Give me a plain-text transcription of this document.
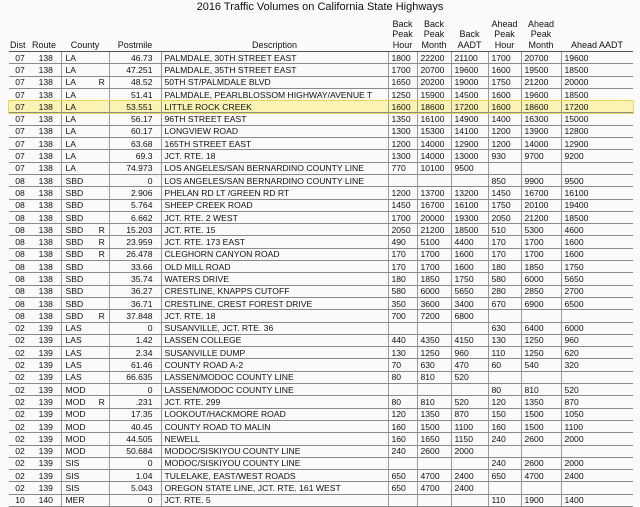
2016 Traffic Volumes on California State Highways
Dist	Route	County		Postmile	Description	Back Peak Hour	Back Peak Month	Back AADT	Ahead Peak Hour	Ahead Peak Month	Ahead AADT
07	138	LA		46.73	PALMDALE, 30TH STREET EAST	1800	22200	21100	1700	20700	19600
07	138	LA		47.251	PALMDALE, 35TH STREET EAST	1700	20700	19600	1600	19500	18500
07	138	LA	R	48.52	50TH ST/PALMDALE BLVD	1650	20200	19000	1750	21200	20000
07	138	LA		51.41	PALMDALE, PEARLBLOSSOM HIGHWAY/AVENUE T	1250	15900	14500	1600	19600	18500
07	138	LA		53.551	LITTLE ROCK CREEK	1600	18600	17200	1600	18600	17200
07	138	LA		56.17	96TH STREET EAST	1350	16100	14900	1400	16300	15000
07	138	LA		60.17	LONGVIEW ROAD	1300	15300	14100	1200	13900	12800
07	138	LA		63.68	165TH STREET EAST	1200	14000	12900	1200	14000	12900
07	138	LA		69.3	JCT. RTE. 18	1300	14000	13000	930	9700	9200
07	138	LA		74.973	LOS ANGELES/SAN BERNARDINO COUNTY LINE	770	10100	9500			
08	138	SBD		0	LOS ANGELES/SAN BERNARDINO COUNTY LINE				850	9900	9500
08	138	SBD		2.906	PHELAN RD LT /GREEN RD RT	1200	13700	13200	1450	16700	16100
08	138	SBD		5.764	SHEEP CREEK ROAD	1450	16700	16100	1750	20100	19400
08	138	SBD		6.662	JCT. RTE. 2 WEST	1700	20000	19300	2050	21200	18500
08	138	SBD	R	15.203	JCT. RTE. 15	2050	21200	18500	510	5300	4600
08	138	SBD	R	23.959	JCT. RTE. 173 EAST	490	5100	4400	170	1700	1600
08	138	SBD	R	26.478	CLEGHORN CANYON ROAD	170	1700	1600	170	1700	1600
08	138	SBD		33.66	OLD MILL ROAD	170	1700	1600	180	1850	1750
08	138	SBD		35.74	WATERS DRIVE	180	1850	1750	580	6000	5650
08	138	SBD		36.27	CRESTLINE, KNAPPS CUTOFF	580	6000	5650	280	2850	2700
08	138	SBD		36.71	CRESTLINE, CREST FOREST DRIVE	350	3600	3400	670	6900	6500
08	138	SBD	R	37.848	JCT. RTE. 18	700	7200	6800			
02	139	LAS		0	SUSANVILLE, JCT. RTE. 36				630	6400	6000
02	139	LAS		1.42	LASSEN COLLEGE	440	4350	4150	130	1250	960
02	139	LAS		2.34	SUSANVILLE DUMP	130	1250	960	110	1250	620
02	139	LAS		61.46	COUNTY ROAD A-2	70	630	470	60	540	320
02	139	LAS		66.635	LASSEN/MODOC COUNTY LINE	80	810	520			
02	139	MOD		0	LASSEN/MODOC COUNTY LINE				80	810	520
02	139	MOD	R	.231	JCT. RTE. 299	80	810	520	120	1350	870
02	139	MOD		17.35	LOOKOUT/HACKMORE ROAD	120	1350	870	150	1500	1050
02	139	MOD		40.45	COUNTY ROAD TO MALIN	160	1500	1100	160	1500	1100
02	139	MOD		44.505	NEWELL	160	1650	1150	240	2600	2000
02	139	MOD		50.684	MODOC/SISKIYOU COUNTY LINE	240	2600	2000			
02	139	SIS		0	MODOC/SISKIYOU COUNTY LINE				240	2600	2000
02	139	SIS		1.04	TULELAKE, EAST/WEST ROADS	650	4700	2400	650	4700	2400
02	139	SIS		5.043	OREGON STATE LINE, JCT. RTE. 161 WEST	650	4700	2400			
10	140	MER		0	JCT. RTE. 5				110	1900	1400
